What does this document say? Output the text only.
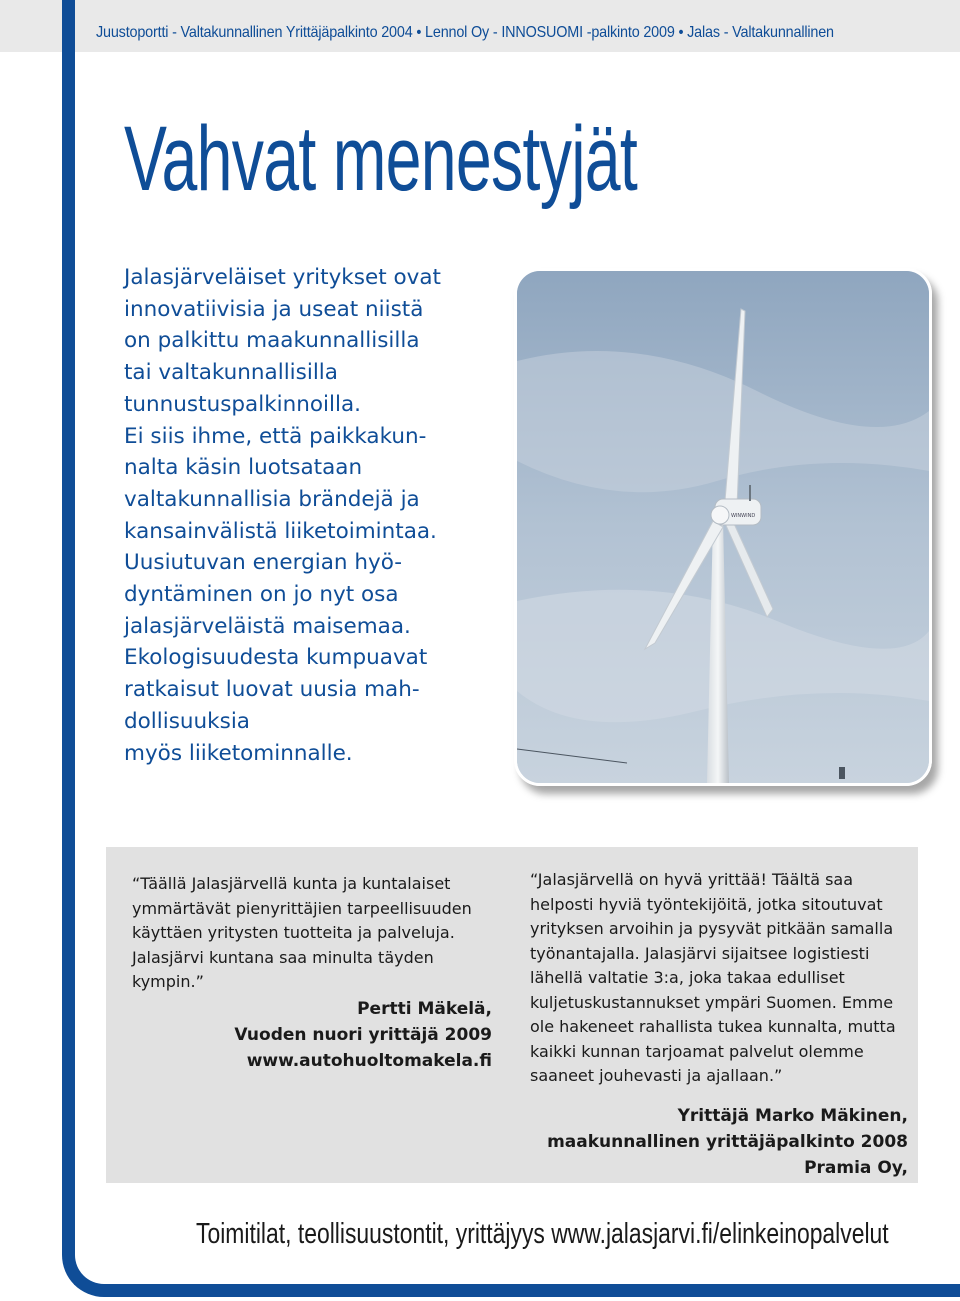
Juustoportti - Valtakunnallinen Yrittäjäpalkinto 2004 • Lennol Oy - INNOSUOMI -palkinto 2009 • Jalas - Valtakunnallinen
Vahvat menestyjät

Jalasjärveläiset yritykset ovat
innovatiivisia ja useat niistä
on palkittu maakunnallisilla
tai valtakunnallisilla
tunnustuspalkinnoilla.
Ei siis ihme, että paikkakun-
nalta käsin luotsataan
valtakunnallisia brändejä ja
kansainvälistä liiketoimintaa.
Uusiutuvan energian hyö-
dyntäminen on jo nyt osa
jalasjärveläistä maisemaa.
Ekologisuudesta kumpuavat
ratkaisut luovat uusia mah-
dollisuuksia
myös liiketominnalle.

WINWIND

“Täällä Jalasjärvellä kunta ja kuntalaiset
ymmärtävät pienyrittäjien tarpeellisuuden
käyttäen yritysten tuotteita ja palveluja.
Jalasjärvi kuntana saa minulta täyden
kympin.”

Pertti Mäkelä,
Vuoden nuori yrittäjä 2009
www.autohuoltomakela.fi

“Jalasjärvellä on hyvä yrittää! Täältä saa
helposti hyviä työntekijöitä, jotka sitoutuvat
yrityksen arvoihin ja pysyvät pitkään samalla
työnantajalla. Jalasjärvi sijaitsee logistiesti
lähellä valtatie 3:a, joka takaa edulliset
kuljetuskustannukset ympäri Suomen. Emme
ole hakeneet rahallista tukea kunnalta, mutta
kaikki kunnan tarjoamat palvelut olemme
saaneet jouhevasti ja ajallaan.”

Yrittäjä Marko Mäkinen,
maakunnallinen yrittäjäpalkinto 2008
Pramia Oy,
Toimitilat, teollisuustontit, yrittäjyys www.jalasjarvi.fi/elinkeinopalvelut
